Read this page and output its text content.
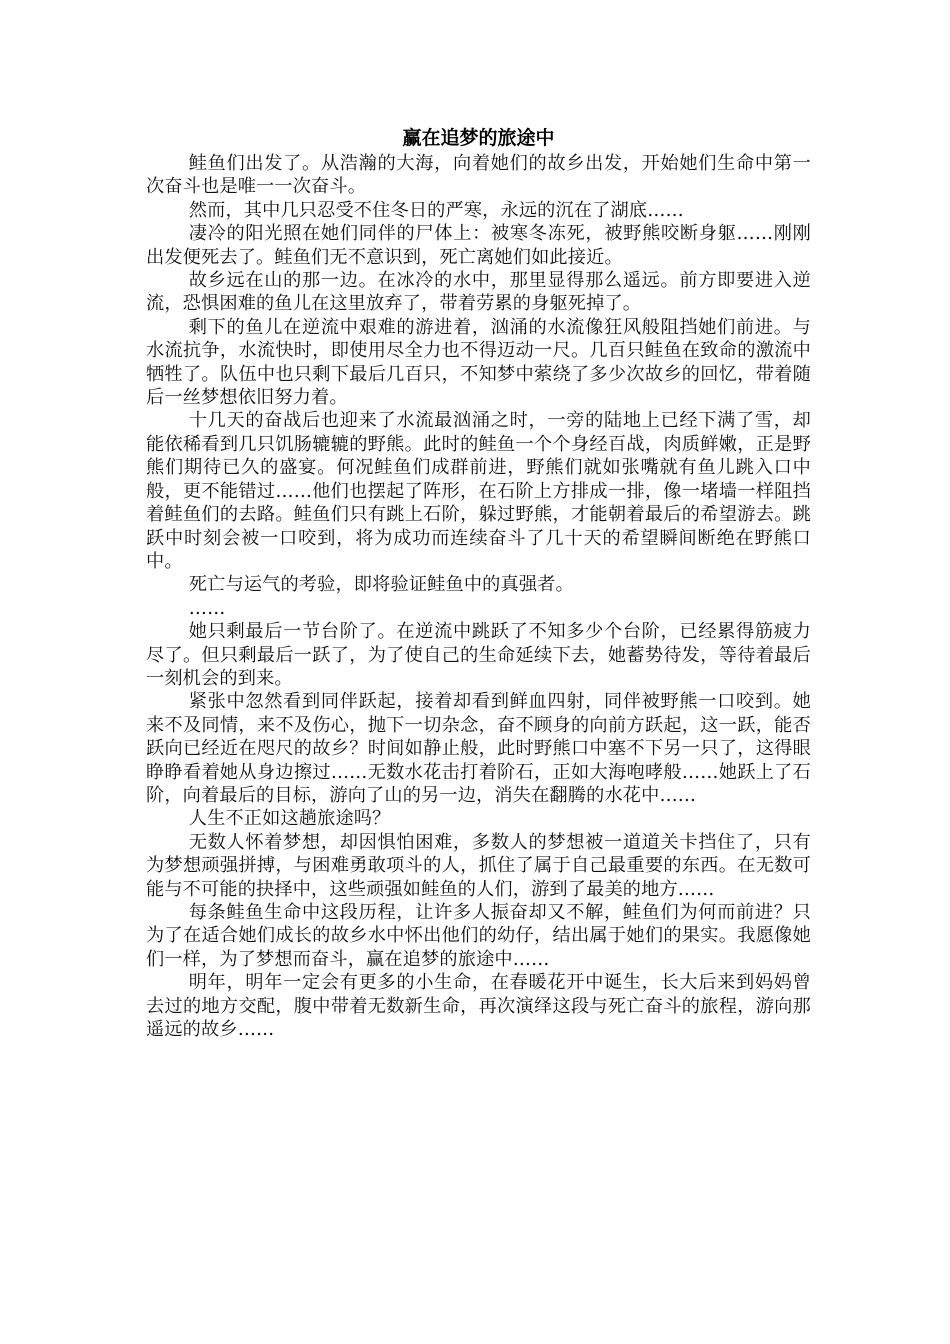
赢在追梦的旅途中

鲑鱼们出发了。从浩瀚的大海，向着她们的故乡出发，开始她们生命中第一次奋斗也是唯一一次奋斗。

然而，其中几只忍受不住冬日的严寒，永远的沉在了湖底……

凄冷的阳光照在她们同伴的尸体上：被寒冬冻死，被野熊咬断身躯……刚刚出发便死去了。鲑鱼们无不意识到，死亡离她们如此接近。

故乡远在山的那一边。在冰冷的水中，那里显得那么遥远。前方即要进入逆流，恐惧困难的鱼儿在这里放弃了，带着劳累的身躯死掉了。

剩下的鱼儿在逆流中艰难的游进着，汹涌的水流像狂风般阻挡她们前进。与水流抗争，水流快时，即使用尽全力也不得迈动一尺。几百只鲑鱼在致命的激流中牺牲了。队伍中也只剩下最后几百只，不知梦中萦绕了多少次故乡的回忆，带着随后一丝梦想依旧努力着。

十几天的奋战后也迎来了水流最汹涌之时，一旁的陆地上已经下满了雪，却能依稀看到几只饥肠辘辘的野熊。此时的鲑鱼一个个身经百战，肉质鲜嫩，正是野熊们期待已久的盛宴。何况鲑鱼们成群前进，野熊们就如张嘴就有鱼儿跳入口中般，更不能错过……他们也摆起了阵形，在石阶上方排成一排，像一堵墙一样阻挡着鲑鱼们的去路。鲑鱼们只有跳上石阶，躲过野熊，才能朝着最后的希望游去。跳跃中时刻会被一口咬到，将为成功而连续奋斗了几十天的希望瞬间断绝在野熊口中。

死亡与运气的考验，即将验证鲑鱼中的真强者。

……

她只剩最后一节台阶了。在逆流中跳跃了不知多少个台阶，已经累得筋疲力尽了。但只剩最后一跃了，为了使自己的生命延续下去，她蓄势待发，等待着最后一刻机会的到来。

紧张中忽然看到同伴跃起，接着却看到鲜血四射，同伴被野熊一口咬到。她来不及同情，来不及伤心，抛下一切杂念，奋不顾身的向前方跃起，这一跃，能否跃向已经近在咫尺的故乡？时间如静止般，此时野熊口中塞不下另一只了，这得眼睁睁看着她从身边擦过……无数水花击打着阶石，正如大海咆哮般……她跃上了石阶，向着最后的目标，游向了山的另一边，消失在翻腾的水花中……

人生不正如这趟旅途吗？

无数人怀着梦想，却因惧怕困难，多数人的梦想被一道道关卡挡住了，只有为梦想顽强拼搏，与困难勇敢项斗的人，抓住了属于自己最重要的东西。在无数可能与不可能的抉择中，这些顽强如鲑鱼的人们，游到了最美的地方……

每条鲑鱼生命中这段历程，让许多人振奋却又不解，鲑鱼们为何而前进？只为了在适合她们成长的故乡水中怀出他们的幼仔，结出属于她们的果实。我愿像她们一样，为了梦想而奋斗，赢在追梦的旅途中……

明年，明年一定会有更多的小生命，在春暖花开中诞生，长大后来到妈妈曾去过的地方交配，腹中带着无数新生命，再次演绎这段与死亡奋斗的旅程，游向那遥远的故乡……
